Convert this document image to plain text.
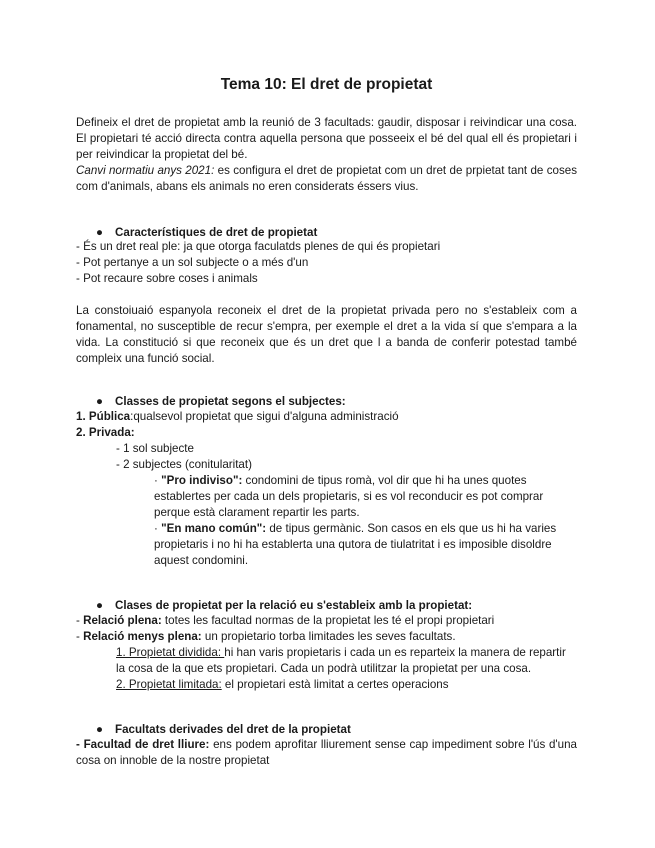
Tema 10: El dret de propietat
Defineix el dret de propietat amb la reunió de 3 facultads: gaudir, disposar i reivindicar una cosa. El propietari té acció directa contra aquella persona que posseeix el bé del qual ell és propietari i per reivindicar la propietat del bé.
Canvi normatiu anys 2021: es configura el dret de propietat com un dret de prpietat tant de coses com d'animals, abans els animals no eren considerats éssers vius.
● Característiques de dret de propietat
- És un dret real ple: ja que otorga faculatds plenes de qui és propietari
- Pot pertanye a un sol subjecte o a més d'un
- Pot recaure sobre coses i animals
La constoiuaió espanyola reconeix el dret de la propietat privada pero no s'estableix com a fonamental, no susceptible de recur s'empra, per exemple el dret a la vida sí que s'empara a la vida. La constitució si que reconeix que és un dret que l a banda de conferir potestad també compleix una funció social.
● Classes de propietat segons el subjectes:
1. Pública:qualsevol propietat que sigui d'alguna administració
2. Privada:
- 1 sol subjecte
- 2 subjectes (conitularitat)
· "Pro indiviso": condomini de tipus romà, vol dir que hi ha unes quotes
establertes per cada un dels propietaris, si es vol reconducir es pot comprar
perque està clarament repartir les parts.
· "En mano común": de tipus germànic. Son casos en els que us hi ha varies
propietaris i no hi ha establerta una qutora de tiulatritat i es imposible disoldre
aquest condomini.
● Clases de propietat per la relació eu s'estableix amb la propietat:
- Relació plena: totes les facultad normas de la propietat les té el propi propietari
- Relació menys plena: un propietario torba limitades les seves facultats.
1. Propietat dividida: hi han varis propietaris i cada un es reparteix la manera de repartir
la cosa de la que ets propietari. Cada un podrà utilitzar la propietat per una cosa.
2. Propietat limitada: el propietari està limitat a certes operacions
● Facultats derivades del dret de la propietat
- Facultad de dret lliure: ens podem aprofitar lliurement sense cap impediment sobre l'ús d'una cosa on innoble de la nostre propietat
